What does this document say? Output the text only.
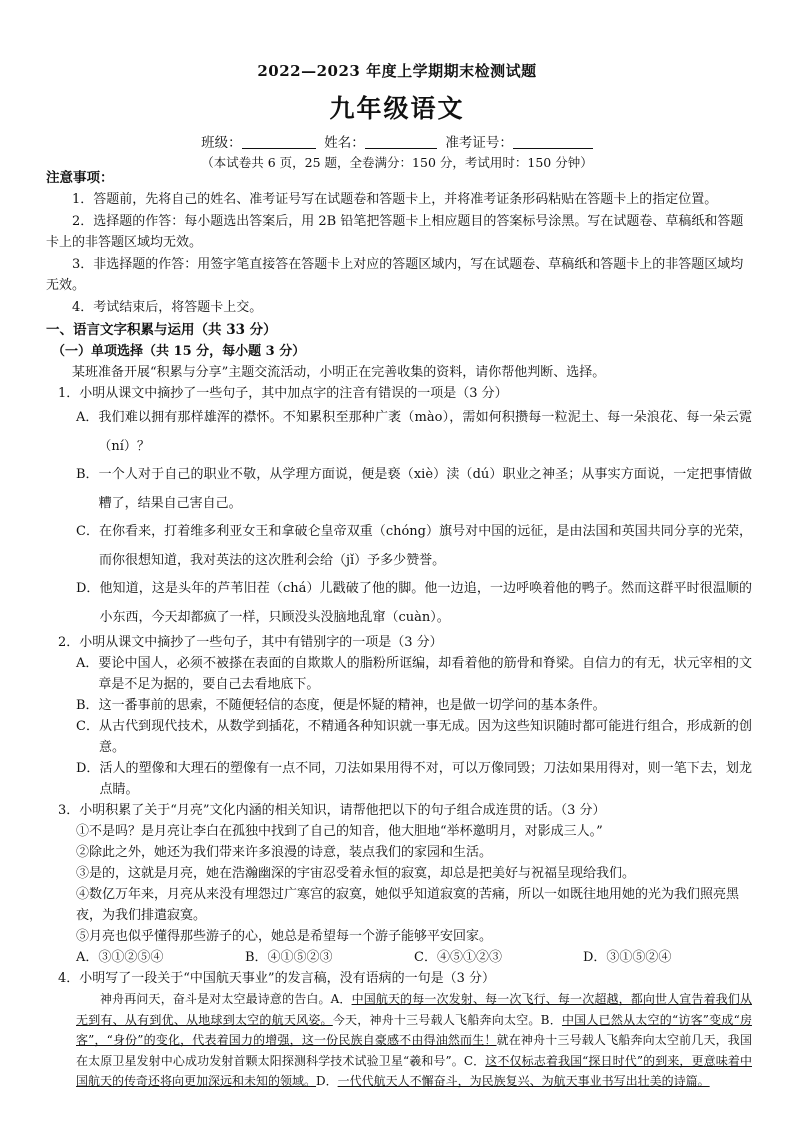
2022—2023 年度上学期期末检测试题
九年级语文
班级：	姓名：	准考证号：
（本试卷共 6 页，25 题，全卷满分：150 分，考试用时：150 分钟）
注意事项：
1．答题前，先将自己的姓名、准考证号写在试题卷和答题卡上，并将准考证条形码粘贴在答题卡上的指定位置。
2．选择题的作答：每小题选出答案后，用 2B 铅笔把答题卡上相应题目的答案标号涂黑。写在试题卷、草稿纸和答题卡上的非答题区域均无效。
3．非选择题的作答：用签字笔直接答在答题卡上对应的答题区域内，写在试题卷、草稿纸和答题卡上的非答题区域均无效。
4．考试结束后，将答题卡上交。
一、语言文字积累与运用（共 33 分）
（一）单项选择（共 15 分，每小题 3 分）
某班准备开展“积累与分享”主题交流活动，小明正在完善收集的资料，请你帮他判断、选择。
1．小明从课文中摘抄了一些句子，其中加点字的注音有错误的一项是（3 分）
A． 我们难以拥有那样雄浑的襟怀。不知累积至那种广袤（mào），需如何积攒每一粒泥土、每一朵浪花、每一朵云霓（ní）？
B． 一个人对于自己的职业不敬，从学理方面说，便是亵（xiè）渎（dú）职业之神圣；从事实方面说，一定把事情做糟了，结果自己害自己。
C． 在你看来，打着维多利亚女王和拿破仑皇帝双重（chóng）旗号对中国的远征，是由法国和英国共同分享的光荣，而你很想知道，我对英法的这次胜利会给（jǐ）予多少赞誉。
D． 他知道，这是头年的芦苇旧茬（chá）儿戳破了他的脚。他一边追，一边呼唤着他的鸭子。然而这群平时很温顺的小东西，今天却都疯了一样，只顾没头没脑地乱窜（cuàn）。
2．小明从课文中摘抄了一些句子，其中有错别字的一项是（3 分）
A． 要论中国人，必须不被搽在表面的自欺欺人的脂粉所诓编，却看着他的筋骨和脊梁。自信力的有无，状元宰相的文章是不足为据的，要自己去看地底下。
B． 这一番事前的思索，不随便轻信的态度，便是怀疑的精神，也是做一切学问的基本条件。
C． 从古代到现代技术，从数学到插花，不精通各种知识就一事无成。因为这些知识随时都可能进行组合，形成新的创意。
D． 活人的塑像和大理石的塑像有一点不同，刀法如果用得不对，可以万像同毁；刀法如果用得对，则一笔下去，划龙点睛。
3．小明积累了关于“月亮”文化内涵的相关知识，请帮他把以下的句子组合成连贯的话。（3 分）
①不是吗？是月亮让李白在孤独中找到了自己的知音，他大胆地“举杯邀明月，对影成三人。”
②除此之外，她还为我们带来许多浪漫的诗意，装点我们的家园和生活。
③是的，这就是月亮，她在浩瀚幽深的宇宙忍受着永恒的寂寞，却总是把美好与祝福呈现给我们。
④数亿万年来，月亮从来没有埋怨过广寒宫的寂寞，她似乎知道寂寞的苦痛，所以一如既往地用她的光为我们照亮黑夜，为我们排遣寂寞。
⑤月亮也似乎懂得那些游子的心，她总是希望每一个游子能够平安回家。
A．③①②⑤④	B．④①⑤②③	C．④⑤①②③	D．③①⑤②④
4．小明写了一段关于“中国航天事业”的发言稿，没有语病的一句是（3 分）
神舟再问天，奋斗是对太空最诗意的告白。A．中国航天的每一次发射、每一次飞行、每一次超越，都向世人宣告着我们从无到有、从有到优、从地球到太空的航天风姿。今天，神舟十三号载人飞船奔向太空。B．中国人已然从太空的“访客”变成“房客”，“身份”的变化，代表着国力的增强，这一份民族自豪感不由得油然而生！就在神舟十三号载人飞船奔向太空前几天，我国在太原卫星发射中心成功发射首颗太阳探测科学技术试验卫星“羲和号”。C．这不仅标志着我国“探日时代”的到来，更意味着中国航天的传奇还将向更加深远和未知的领域。D．一代代航天人不懈奋斗，为民族复兴、为航天事业书写出壮美的诗篇。
